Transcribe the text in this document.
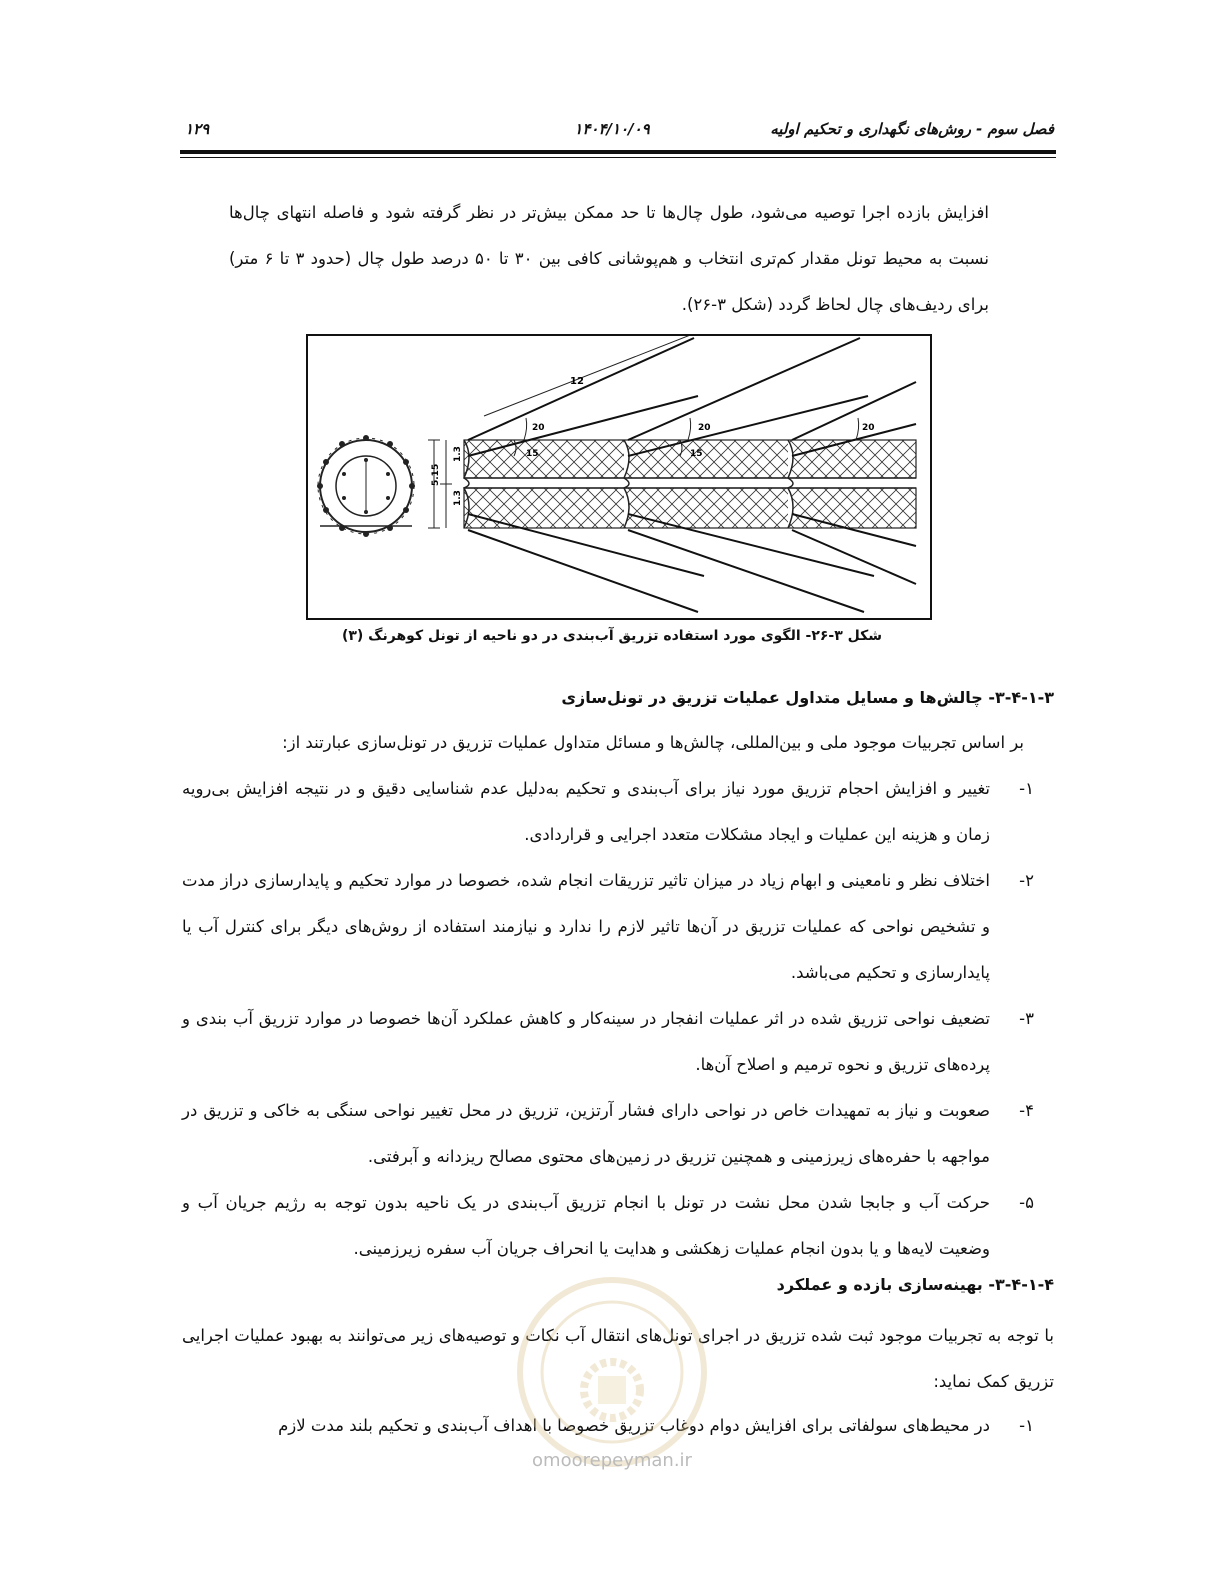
فصل سوم - روش‌های نگهداری و تحکیم اولیه
۱۴۰۴/۱۰/۰۹
۱۲۹
افزایش بازده اجرا توصیه می‌شود، طول چال‌ها تا حد ممکن بیش‌تر در نظر گرفته شود و فاصله انتهای چال‌ها نسبت به محیط تونل مقدار کم‌تری انتخاب و هم‌پوشانی کافی بین ۳۰ تا ۵۰ درصد طول چال (حدود ۳ تا ۶ متر) برای ردیف‌های چال لحاظ گردد (شکل ۳-۲۶).
5.15
1.3
1.3
12
20	20	20
15	15
شکل ۳-۲۶- الگوی مورد استفاده تزریق آب‌بندی در دو ناحیه از تونل کوهرنگ (۳)
۳-۴-۱-۳- چالش‌ها و مسایل متداول عملیات تزریق در تونل‌سازی
بر اساس تجربیات موجود ملی و بین‌المللی، چالش‌ها و مسائل متداول عملیات تزریق در تونل‌سازی عبارتند از:
۱-
تغییر و افزایش احجام تزریق مورد نیاز برای آب‌بندی و تحکیم به‌دلیل عدم شناسایی دقیق و در نتیجه افزایش بی‌رویه زمان و هزینه این عملیات و ایجاد مشکلات متعدد اجرایی و قراردادی.
۲-
اختلاف نظر و نامعینی و ابهام زیاد در میزان تاثیر تزریقات انجام شده، خصوصا در موارد تحکیم و پایدارسازی دراز مدت و تشخیص نواحی که عملیات تزریق در آن‌ها تاثیر لازم را ندارد و نیازمند استفاده از روش‌های دیگر برای کنترل آب یا پایدارسازی و تحکیم می‌باشد.
۳-
تضعیف نواحی تزریق شده در اثر عملیات انفجار در سینه‌کار و کاهش عملکرد آن‌ها خصوصا در موارد تزریق آب بندی و پرده‌های تزریق و نحوه ترمیم و اصلاح آن‌ها.
۴-
صعوبت و نیاز به تمهیدات خاص در نواحی دارای فشار آرتزین، تزریق در محل تغییر نواحی سنگی به خاکی و تزریق در مواجهه با حفره‌های زیرزمینی و همچنین تزریق در زمین‌های محتوی مصالح ریزدانه و آبرفتی.
۵-
حرکت آب و جابجا شدن محل نشت در تونل با انجام تزریق آب‌بندی در یک ناحیه بدون توجه به رژیم جریان آب و وضعیت لایه‌ها و یا بدون انجام عملیات زهکشی و هدایت یا انحراف جریان آب سفره زیرزمینی.
۳-۴-۱-۴- بهینه‌سازی بازده و عملکرد
با توجه به تجربیات موجود ثبت شده تزریق در اجرای تونل‌های انتقال آب نکات و توصیه‌های زیر می‌توانند به بهبود عملیات اجرایی تزریق کمک نماید:
۱-
در محیط‌های سولفاتی برای افزایش دوام دوغاب تزریق خصوصا با اهداف آب‌بندی و تحکیم بلند مدت لازم
omoorepeyman.ir
